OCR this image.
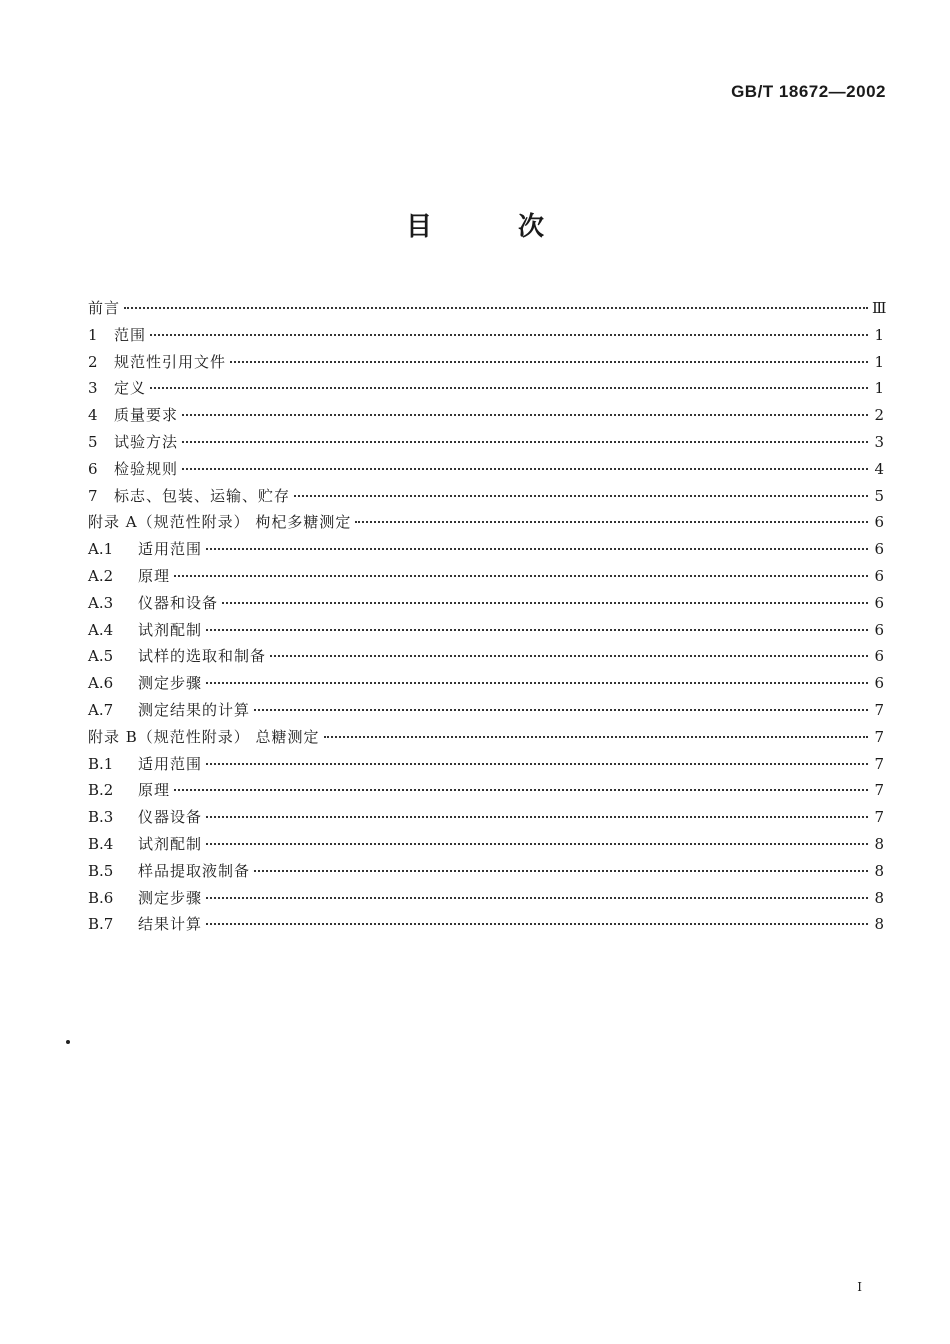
GB/T 18672—2002
目次
前言	Ⅲ
1	范围	1
2	规范性引用文件	1
3	定义	1
4	质量要求	2
5	试验方法	3
6	检验规则	4
7	标志、包装、运输、贮存	5
附录 A（规范性附录） 枸杞多糖测定	6
A.1	适用范围	6
A.2	原理	6
A.3	仪器和设备	6
A.4	试剂配制	6
A.5	试样的选取和制备	6
A.6	测定步骤	6
A.7	测定结果的计算	7
附录 B（规范性附录） 总糖测定	7
B.1	适用范围	7
B.2	原理	7
B.3	仪器设备	7
B.4	试剂配制	8
B.5	样品提取液制备	8
B.6	测定步骤	8
B.7	结果计算	8
Ⅰ
